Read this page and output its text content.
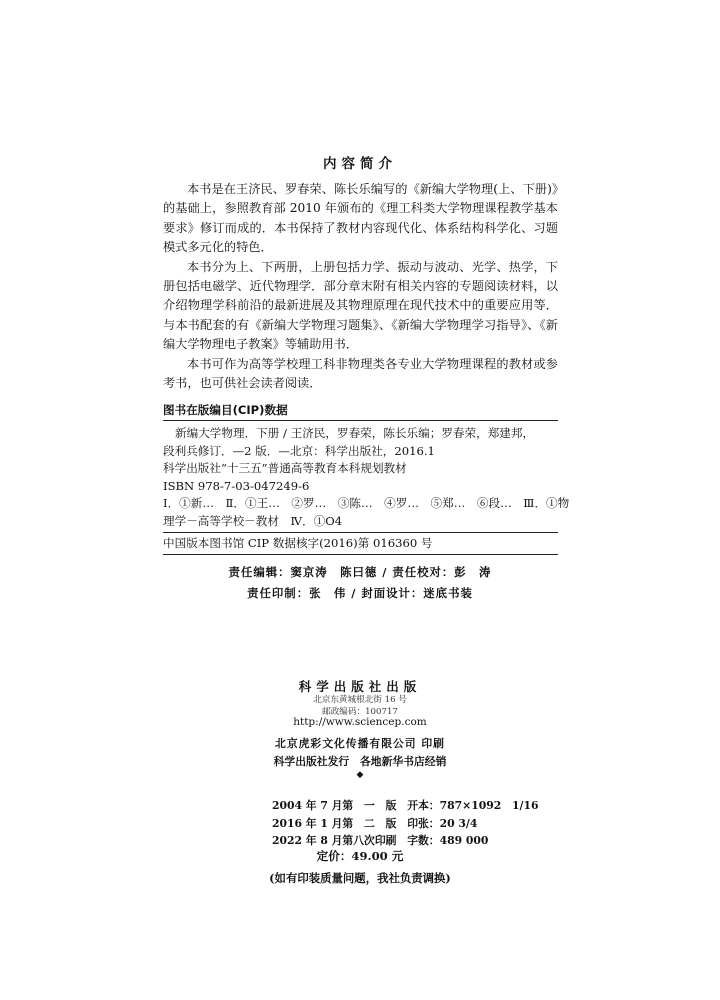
内容简介

本书是在王济民、罗春荣、陈长乐编写的《新编大学物理(上、下册)》的基础上，参照教育部 2010 年颁布的《理工科类大学物理课程教学基本要求》修订而成的．本书保持了教材内容现代化、体系结构科学化、习题模式多元化的特色．

本书分为上、下两册，上册包括力学、振动与波动、光学、热学，下册包括电磁学、近代物理学．部分章末附有相关内容的专题阅读材料，以介绍物理学科前沿的最新进展及其物理原理在现代技术中的重要应用等．与本书配套的有《新编大学物理习题集》、《新编大学物理学习指导》、《新编大学物理电子教案》等辅助用书．

本书可作为高等学校理工科非物理类各专业大学物理课程的教材或参考书，也可供社会读者阅读．

图书在版编目(CIP)数据
新编大学物理．下册 / 王济民，罗春荣，陈长乐编；罗春荣，郑建邦，
段利兵修订．—2 版．—北京：科学出版社，2016.1
科学出版社“十三五”普通高等教育本科规划教材
ISBN 978-7-03-047249-6
Ⅰ．①新…　Ⅱ．①王…　②罗…　③陈…　④罗…　⑤郑…　⑥段…　Ⅲ．①物
理学－高等学校－教材　Ⅳ．①O4
中国版本图书馆 CIP 数据核字(2016)第 016360 号
责任编辑：窦京涛　陈曰德 / 责任校对：彭　涛
责任印制：张　伟 / 封面设计：迷底书装
科学出版社出版
北京东黄城根北街 16 号
邮政编码：100717
http://www.sciencep.com
北京虎彩文化传播有限公司 印刷
科学出版社发行　各地新华书店经销
◆
2004 年 7 月第　一　版　开本：787×1092　1/16
2016 年 1 月第　二　版　印张：20 3/4
2022 年 8 月第八次印刷　字数：489 000
定价：49.00 元
(如有印装质量问题，我社负责调换)
